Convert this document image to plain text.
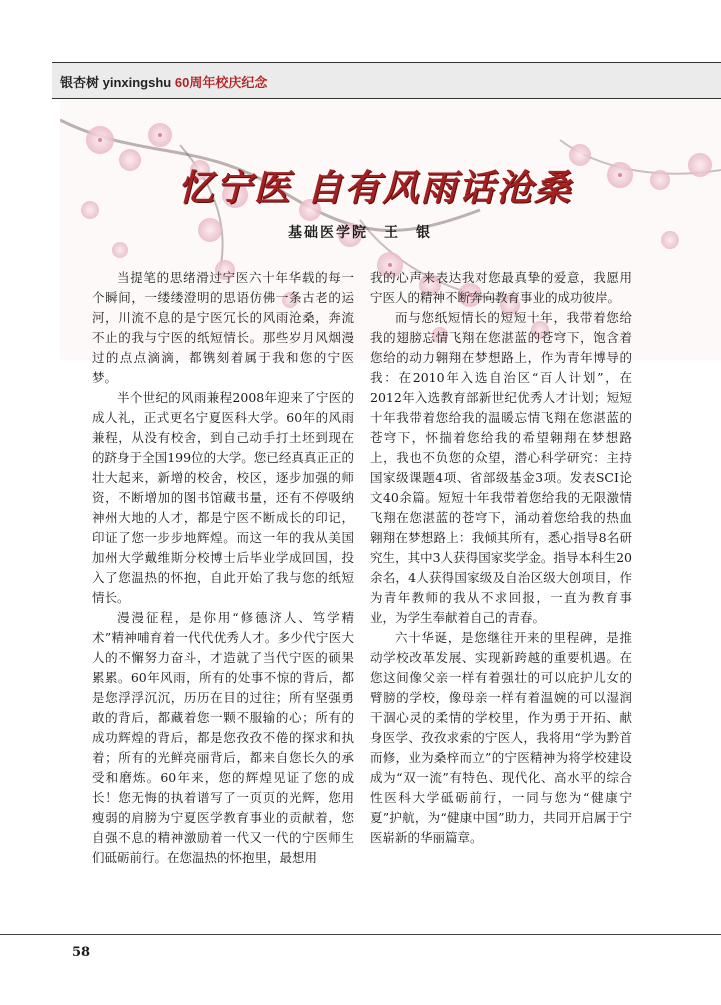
银杏树 yinxingshu 60周年校庆纪念
忆宁医 自有风雨话沧桑
基础医学院　王　银

当提笔的思绪滑过宁医六十年华载的每一个瞬间，一缕缕澄明的思语仿佛一条古老的运河，川流不息的是宁医冗长的风雨沧桑，奔流不止的我与宁医的纸短情长。那些岁月风烟漫过的点点滴滴，都镌刻着属于我和您的宁医梦。

半个世纪的风雨兼程2008年迎来了宁医的成人礼，正式更名宁夏医科大学。60年的风雨兼程，从没有校舍，到自己动手打土坯到现在的跻身于全国199位的大学。您已经真真正正的壮大起来，新增的校舍，校区，逐步加强的师资，不断增加的图书馆藏书量，还有不停吸纳神州大地的人才，都是宁医不断成长的印记，印证了您一步步地辉煌。而这一年的我从美国加州大学戴维斯分校博士后毕业学成回国，投入了您温热的怀抱，自此开始了我与您的纸短情长。

漫漫征程，是你用“修德济人、笃学精术”精神哺育着一代代优秀人才。多少代宁医大人的不懈努力奋斗，才造就了当代宁医的硕果累累。60年风雨，所有的处事不惊的背后，都是您浮浮沉沉，历历在目的过往；所有坚强勇敢的背后，都藏着您一颗不服输的心；所有的成功辉煌的背后，都是您孜孜不倦的探求和执着；所有的光鲜亮丽背后，都来自您长久的承受和磨炼。60年来，您的辉煌见证了您的成长！您无悔的执着谱写了一页页的光辉，您用瘦弱的肩膀为宁夏医学教育事业的贡献着，您自强不息的精神激励着一代又一代的宁医师生们砥砺前行。在您温热的怀抱里，最想用

我的心声来表达我对您最真挚的爱意，我愿用宁医人的精神不断奔向教育事业的成功彼岸。

而与您纸短情长的短短十年，我带着您给我的翅膀忘情飞翔在您湛蓝的苍穹下，饱含着您给的动力翱翔在梦想路上，作为青年博导的我：在2010年入选自治区“百人计划”，在2012年入选教育部新世纪优秀人才计划；短短十年我带着您给我的温暖忘情飞翔在您湛蓝的苍穹下，怀揣着您给我的希望翱翔在梦想路上，我也不负您的众望，潜心科学研究：主持国家级课题4项、省部级基金3项。发表SCI论文40余篇。短短十年我带着您给我的无限激情飞翔在您湛蓝的苍穹下，涌动着您给我的热血翱翔在梦想路上：我倾其所有，悉心指导8名研究生，其中3人获得国家奖学金。指导本科生20余名，4人获得国家级及自治区级大创项目，作为青年教师的我从不求回报，一直为教育事业，为学生奉献着自己的青春。

六十华诞，是您继往开来的里程碑，是推动学校改革发展、实现新跨越的重要机遇。在您这间像父亲一样有着强壮的可以庇护儿女的臂膀的学校，像母亲一样有着温婉的可以湿润干涸心灵的柔情的学校里，作为勇于开拓、献身医学、孜孜求索的宁医人，我将用“学为黔首而修，业为桑梓而立”的宁医精神为将学校建设成为“双一流”有特色、现代化、高水平的综合性医科大学砥砺前行，一同与您为“健康宁夏”护航，为“健康中国”助力，共同开启属于宁医崭新的华丽篇章。

58
